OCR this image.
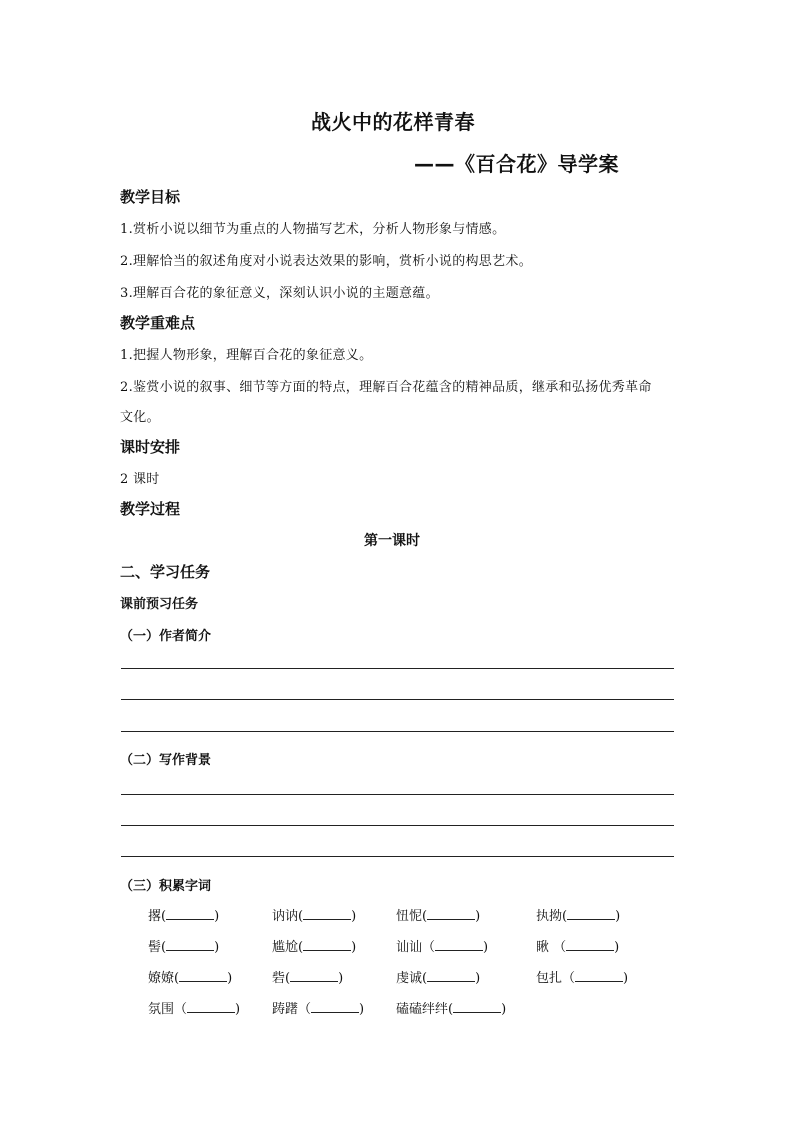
战火中的花样青春
——《百合花》导学案
教学目标
1.赏析小说以细节为重点的人物描写艺术，分析人物形象与情感。
2.理解恰当的叙述角度对小说表达效果的影响，赏析小说的构思艺术。
3.理解百合花的象征意义，深刻认识小说的主题意蕴。
教学重难点
1.把握人物形象，理解百合花的象征意义。
2.鉴赏小说的叙事、细节等方面的特点，理解百合花蕴含的精神品质，继承和弘扬优秀革命
文化。
课时安排
2 课时
教学过程
第一课时
二、学习任务
课前预习任务
（一）作者简介
（二）写作背景
（三）积累字词
撂(	)	讷讷(	)	忸怩(	)	执拗(	)
髻(	)	尴尬(	)	讪讪（	)	瞅 （	)
嫽嫽(	)	砦(	)	虔诚(	)	包扎（	)
氛围（	) 踌躇（	) 磕磕绊绊(	)
